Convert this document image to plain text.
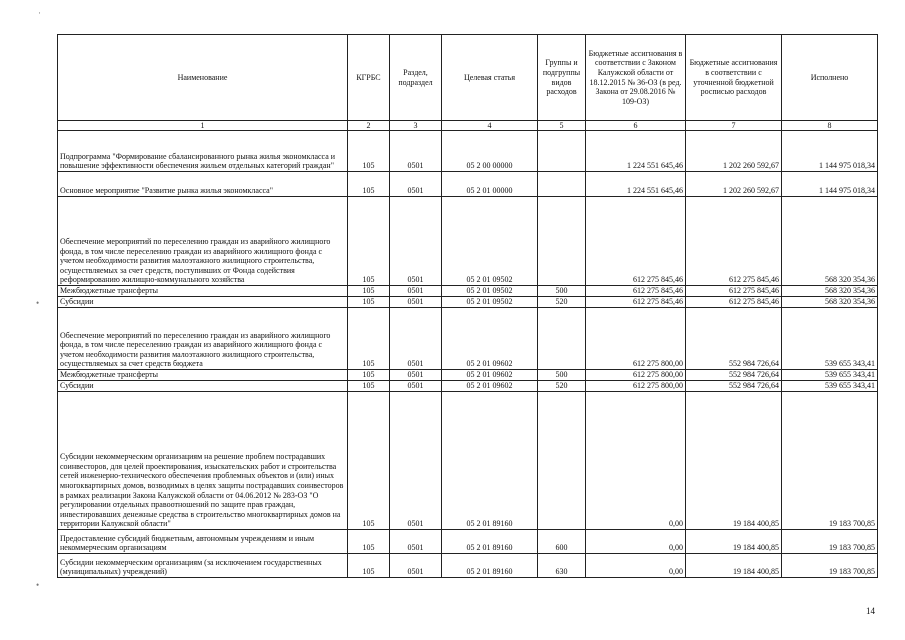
·
•
•
Наименование	КГРБС	Раздел, подраздел	Целевая статья	Группы и подгруппы видов расходов	Бюджетные ассигнования в соответствии с Законом Калужской области от 18.12.2015 № 36-ОЗ (в ред. Закона от 29.08.2016 № 109-ОЗ)	Бюджетные ассигнования в соответствии с уточненной бюджетной росписью расходов	Исполнено
1	2	3	4	5	6	7	8
Подпрограмма "Формирование сбалансированного рынка жилья экономкласса и повышение эффективности обеспечения жильем отдельных категорий граждан"	105	0501	05 2 00 00000		1 224 551 645,46	1 202 260 592,67	1 144 975 018,34
Основное мероприятие "Развитие рынка жилья экономкласса"	105	0501	05 2 01 00000		1 224 551 645,46	1 202 260 592,67	1 144 975 018,34
Обеспечение мероприятий по переселению граждан из аварийного жилищного фонда, в том числе переселению граждан из аварийного жилищного фонда с учетом необходимости развития малоэтажного жилищного строительства, осуществляемых за счет средств, поступивших от Фонда содействия реформированию жилищно-коммунального хозяйства	105	0501	05 2 01 09502		612 275 845,46	612 275 845,46	568 320 354,36
Межбюджетные трансферты	105	0501	05 2 01 09502	500	612 275 845,46	612 275 845,46	568 320 354,36
Субсидии	105	0501	05 2 01 09502	520	612 275 845,46	612 275 845,46	568 320 354,36
Обеспечение мероприятий по переселению граждан из аварийного жилищного фонда, в том числе переселению граждан из аварийного жилищного фонда с учетом необходимости развития малоэтажного жилищного строительства, осуществляемых за счет средств бюджета	105	0501	05 2 01 09602		612 275 800,00	552 984 726,64	539 655 343,41
Межбюджетные трансферты	105	0501	05 2 01 09602	500	612 275 800,00	552 984 726,64	539 655 343,41
Субсидии	105	0501	05 2 01 09602	520	612 275 800,00	552 984 726,64	539 655 343,41
Субсидии некоммерческим организациям на решение проблем пострадавших соинвесторов, для целей проектирования, изыскательских работ и строительства сетей инженерно-технического обеспечения проблемных объектов и (или) иных многоквартирных домов, возводимых в целях защиты пострадавших соинвесторов в рамках реализации Закона Калужской области от 04.06.2012 № 283-ОЗ "О регулировании отдельных правоотношений по защите прав граждан, инвестировавших денежные средства в строительство многоквартирных домов на территории Калужской области"	105	0501	05 2 01 89160		0,00	19 184 400,85	19 183 700,85
Предоставление субсидий бюджетным, автономным учреждениям и иным некоммерческим организациям	105	0501	05 2 01 89160	600	0,00	19 184 400,85	19 183 700,85
Субсидии некоммерческим организациям (за исключением государственных (муниципальных) учреждений)	105	0501	05 2 01 89160	630	0,00	19 184 400,85	19 183 700,85
14
